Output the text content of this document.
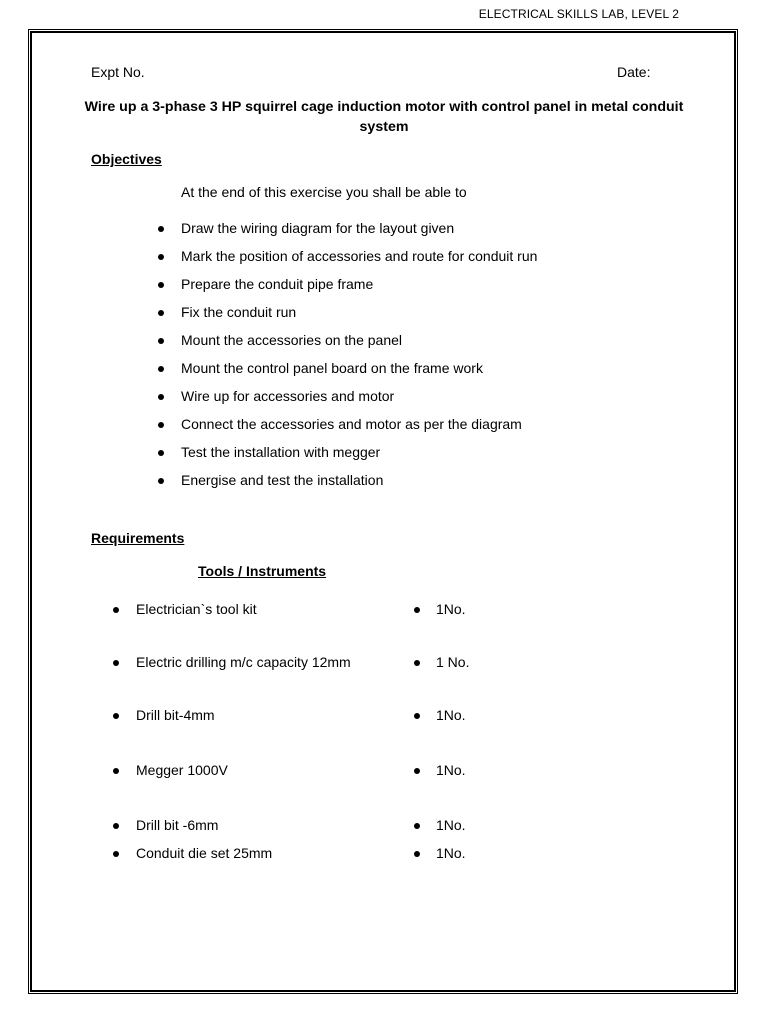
ELECTRICAL SKILLS LAB, LEVEL 2
Expt No.	Date:
Wire up a 3-phase 3 HP squirrel cage induction motor with control panel in metal conduit system
Objectives
At the end of this exercise you shall be able to
Draw the wiring diagram for the layout given
Mark the position of accessories and route for conduit run
Prepare the conduit pipe frame
Fix the conduit run
Mount the accessories on the panel
Mount the control panel board on the frame work
Wire up for accessories and motor
Connect the accessories and motor as per the diagram
Test the installation with megger
Energise and test the installation
Requirements
Tools / Instruments
Electrician`s tool kit	1No.
Electric drilling m/c capacity 12mm	1 No.
Drill bit-4mm	1No.
Megger 1000V	1No.
Drill bit -6mm	1No.
Conduit die set 25mm	1No.
